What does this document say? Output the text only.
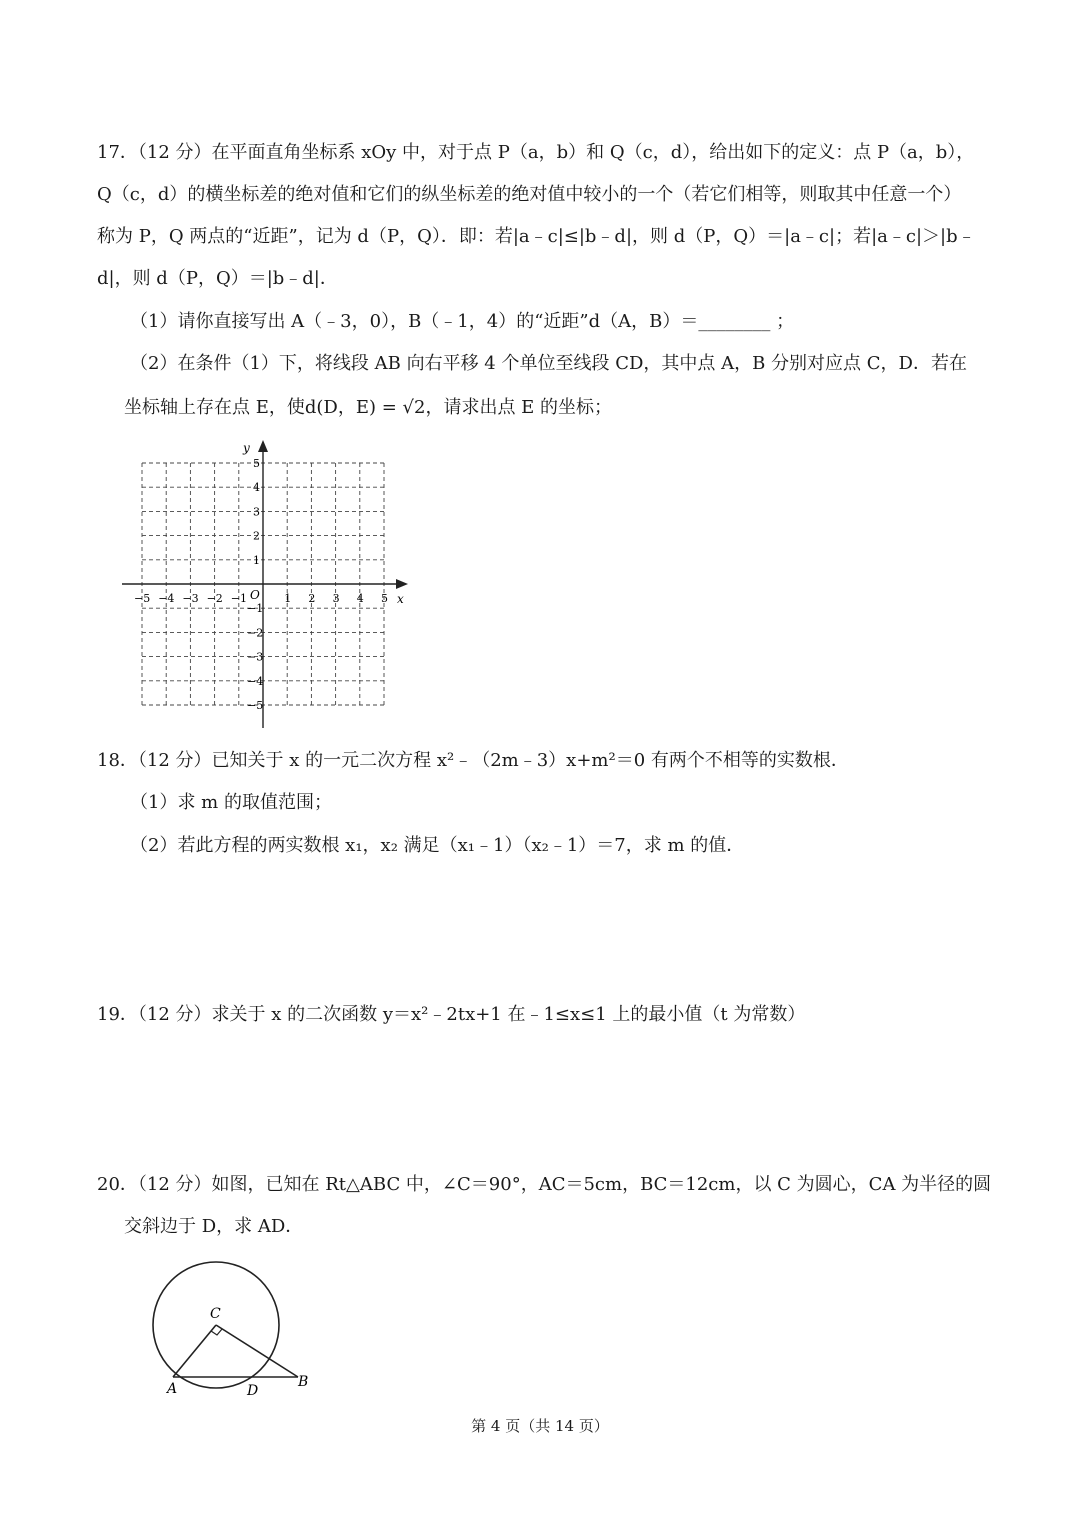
17．（12 分）在平面直角坐标系 xOy 中，对于点 P（a，b）和 Q（c，d），给出如下的定义：点 P（a，b），
Q（c，d）的横坐标差的绝对值和它们的纵坐标差的绝对值中较小的一个（若它们相等，则取其中任意一个）
称为 P，Q 两点的“近距”，记为 d（P，Q）．即：若|a﹣c|≤|b﹣d|，则 d（P，Q）＝|a﹣c|；若|a﹣c|＞|b﹣
d|，则 d（P，Q）＝|b﹣d|．
（1）请你直接写出 A（﹣3，0），B（﹣1，4）的“近距”d（A，B）＝________ ；
（2）在条件（1）下，将线段 AB 向右平移 4 个单位至线段 CD，其中点 A，B 分别对应点 C，D．若在
坐标轴上存在点 E，使d(D，E) = √2，请求出点 E 的坐标；
x
y
O
−5 −4 −3 −2 −1	1 2 3 4 5
5
4
3
2
1
−1
−2
−3
−4
−5
18．（12 分）已知关于 x 的一元二次方程 x²﹣（2m﹣3）x+m²＝0 有两个不相等的实数根．
（1）求 m 的取值范围；
（2）若此方程的两实数根 x₁，x₂ 满足（x₁﹣1）（x₂﹣1）＝7，求 m 的值．
19．（12 分）求关于 x 的二次函数 y＝x²﹣2tx+1 在﹣1≤x≤1 上的最小值（t 为常数）
20．（12 分）如图，已知在 Rt△ABC 中，∠C＝90°，AC＝5cm，BC＝12cm，以 C 为圆心，CA 为半径的圆
交斜边于 D，求 AD．
C
A	D
B
第 4 页（共 14 页）
